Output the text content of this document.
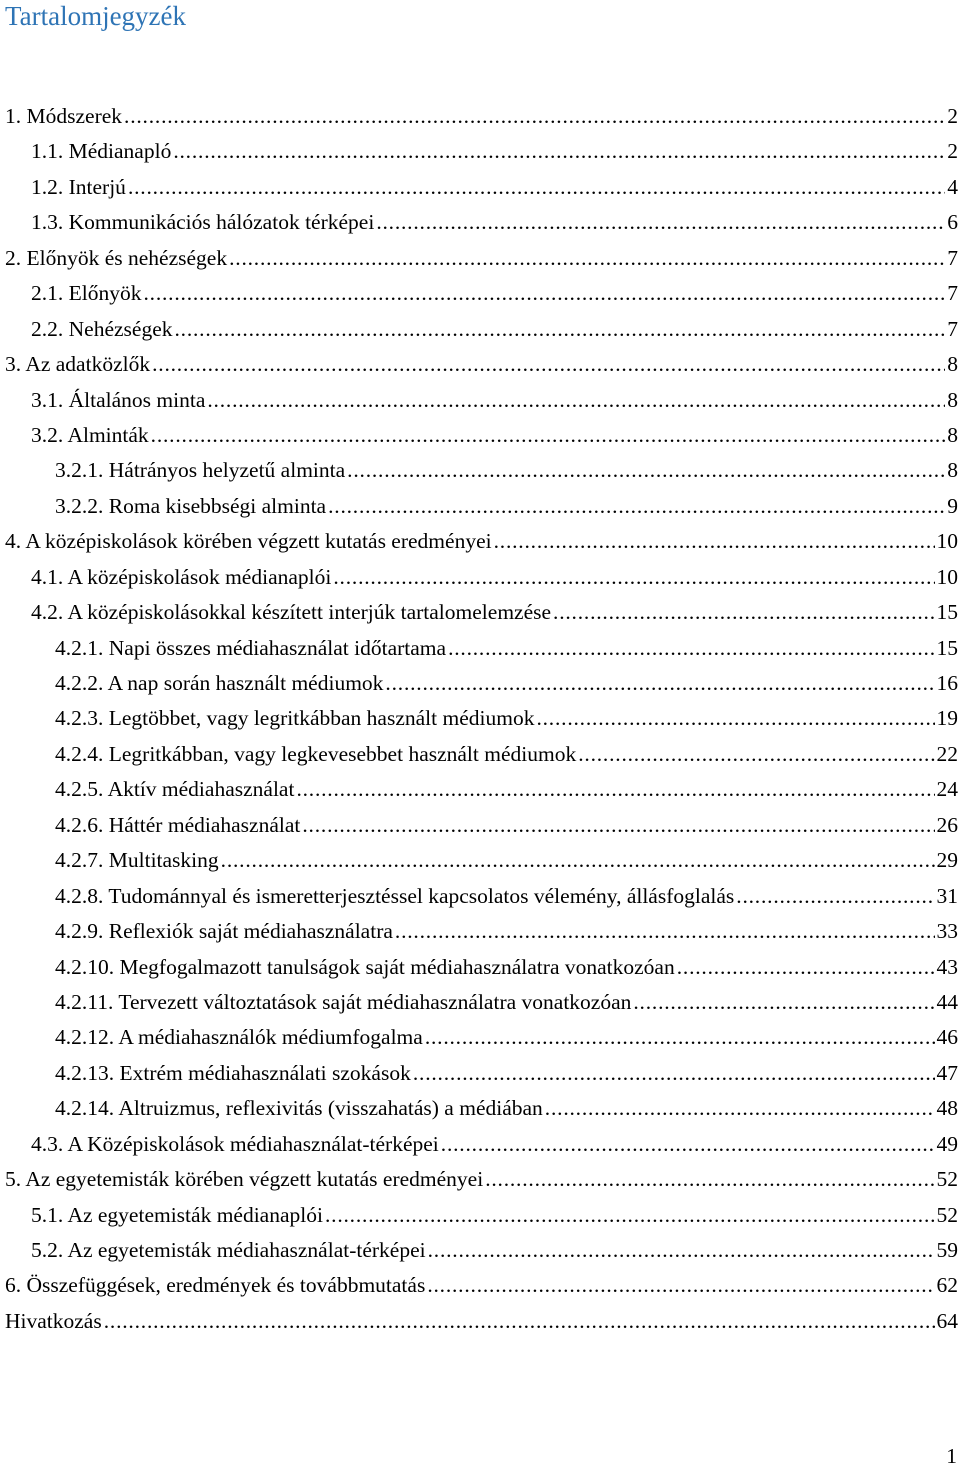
Tartalomjegyzék
1. Módszerek .....	2
1.1. Médianapló .....	2
1.2. Interjú .....	4
1.3. Kommunikációs hálózatok térképei .....	6
2. Előnyök és nehézségek .....	7
2.1. Előnyök .....	7
2.2. Nehézségek .....	7
3. Az adatközlők .....	8
3.1. Általános minta .....	8
3.2. Alminták .....	8
3.2.1. Hátrányos helyzetű alminta .....	8
3.2.2. Roma kisebbségi alminta .....	9
4. A középiskolások körében végzett kutatás eredményei .....	10
4.1. A középiskolások médianaplói .....	10
4.2. A középiskolásokkal készített interjúk tartalomelemzése .....	15
4.2.1. Napi összes médiahasználat időtartama .....	15
4.2.2. A nap során használt médiumok .....	16
4.2.3. Legtöbbet, vagy legritkábban használt médiumok .....	19
4.2.4. Legritkábban, vagy legkevesebbet használt médiumok .....	22
4.2.5. Aktív médiahasználat .....	24
4.2.6. Háttér médiahasználat .....	26
4.2.7. Multitasking .....	29
4.2.8. Tudománnyal és ismeretterjesztéssel kapcsolatos vélemény, állásfoglalás .....	31
4.2.9. Reflexiók saját médiahasználatra .....	33
4.2.10. Megfogalmazott tanulságok saját médiahasználatra vonatkozóan .....	43
4.2.11. Tervezett változtatások saját médiahasználatra vonatkozóan .....	44
4.2.12. A médiahasználók médiumfogalma .....	46
4.2.13. Extrém médiahasználati szokások .....	47
4.2.14. Altruizmus, reflexivitás (visszahatás) a médiában .....	48
4.3. A Középiskolások médiahasználat-térképei .....	49
5. Az egyetemisták körében végzett kutatás eredményei .....	52
5.1. Az egyetemisták médianaplói .....	52
5.2. Az egyetemisták médiahasználat-térképei .....	59
6. Összefüggések, eredmények és továbbmutatás .....	62
Hivatkozás .....	64
1
